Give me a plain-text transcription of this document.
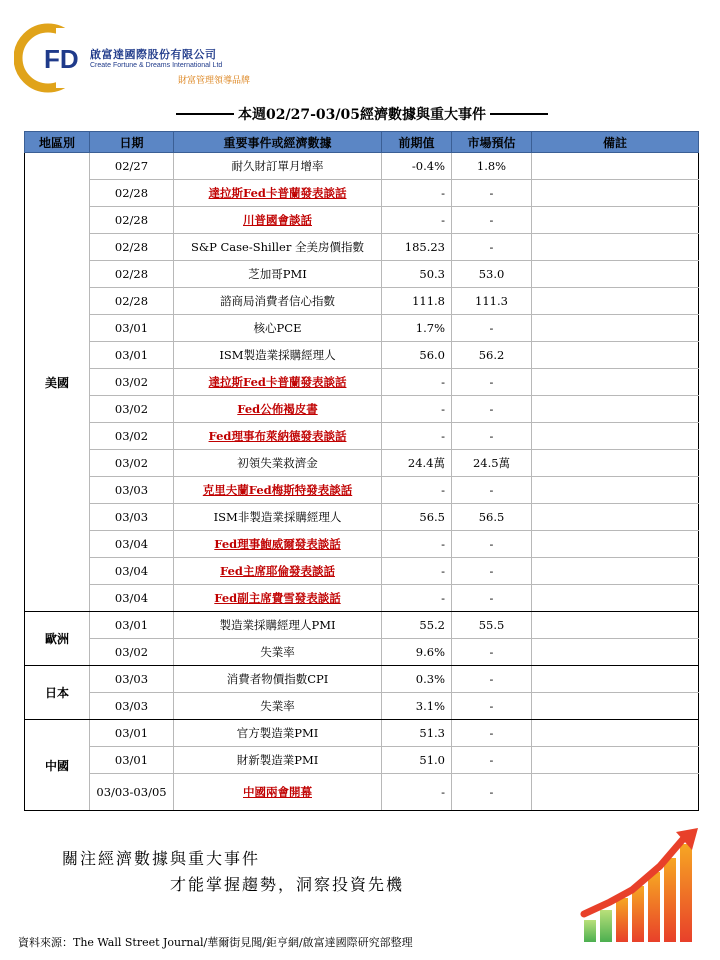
FD 啟富達國際股份有限公司
Create Fortune & Dreams International Ltd
財富管理領導品牌
本週02/27-03/05經濟數據與重大事件
地區別	日期	重要事件或經濟數據	前期值	市場預估	備註
美國	02/27	耐久財訂單月增率	-0.4%	1.8%	
	02/28	達拉斯Fed卡普蘭發表談話	-	-	
	02/28	川普國會談話	-	-	
	02/28	S&P Case-Shiller 全美房價指數	185.23	-	
	02/28	芝加哥PMI	50.3	53.0	
	02/28	諮商局消費者信心指數	111.8	111.3	
	03/01	核心PCE	1.7%	-	
	03/01	ISM製造業採購經理人	56.0	56.2	
	03/02	達拉斯Fed卡普蘭發表談話	-	-	
	03/02	Fed公佈褐皮書	-	-	
	03/02	Fed理事布萊納德發表談話	-	-	
	03/02	初領失業救濟金	24.4萬	24.5萬	
	03/03	克里夫蘭Fed梅斯特發表談話	-	-	
	03/03	ISM非製造業採購經理人	56.5	56.5	
	03/04	Fed理事鮑威爾發表談話	-	-	
	03/04	Fed主席耶倫發表談話	-	-	
	03/04	Fed副主席費雪發表談話	-	-	
歐洲	03/01	製造業採購經理人PMI	55.2	55.5	
	03/02	失業率	9.6%	-	
日本	03/03	消費者物價指數CPI	0.3%	-	
	03/03	失業率	3.1%	-	
中國	03/01	官方製造業PMI	51.3	-	
	03/01	財新製造業PMI	51.0	-	
	03/03-03/05	中國兩會開幕	-	-	
關注經濟數據與重大事件
才能掌握趨勢，洞察投資先機
資料來源：The Wall Street Journal/華爾街見聞/鉅亨網/啟富達國際研究部整理
